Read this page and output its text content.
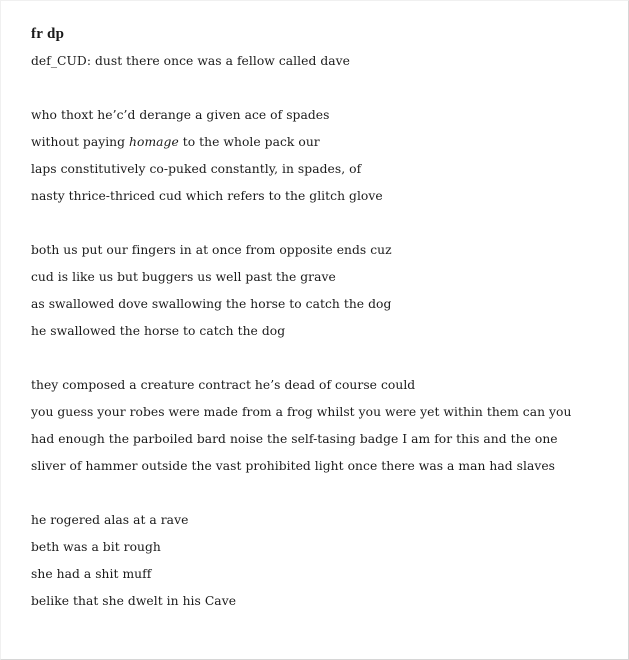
fr dp
def_CUD: dust there once was a fellow called dave
who thoxt he’c’d derange a given ace of spades
without paying homage to the whole pack our
laps constitutively co-puked constantly, in spades, of
nasty thrice-thriced cud which refers to the glitch glove
both us put our fingers in at once from opposite ends cuz
cud is like us but buggers us well past the grave
as swallowed dove swallowing the horse to catch the dog
he swallowed the horse to catch the dog
they composed a creature contract he’s dead of course could
you guess your robes were made from a frog whilst you were yet within them can you
had enough the parboiled bard noise the self-tasing badge I am for this and the one
sliver of hammer outside the vast prohibited light once there was a man had slaves
he rogered alas at a rave
beth was a bit rough
she had a shit muff
belike that she dwelt in his Cave
